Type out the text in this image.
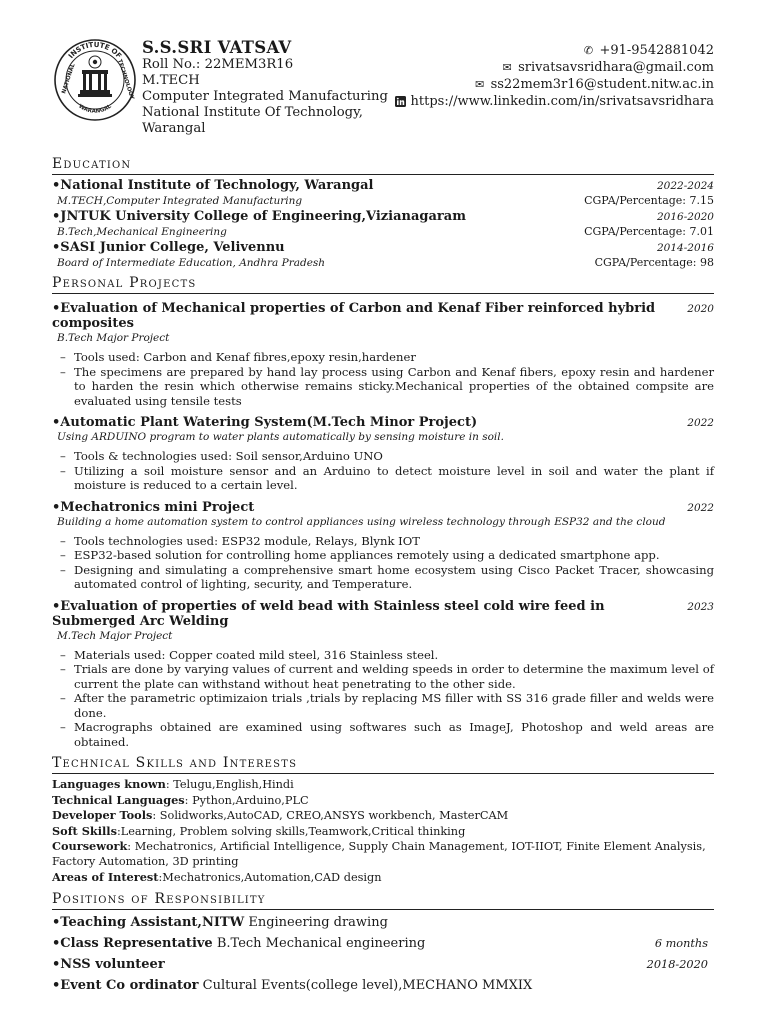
INSTITUTE OF
NATIONAL	TECHNOLOGY
WARANGAL
S.S.SRI VATSAV
Roll No.: 22MEM3R16
M.TECH
Computer Integrated Manufacturing
National Institute Of Technology,
Warangal
✆ +91-9542881042
✉ srivatsavsridhara@gmail.com
✉ ss22mem3r16@student.nitw.ac.in
https://www.linkedin.com/in/srivatsavsridhara
Education
•National Institute of Technology, Warangal	2022-2024
M.TECH,Computer Integrated Manufacturing	CGPA/Percentage: 7.15
•JNTUK University College of Engineering,Vizianagaram	2016-2020
B.Tech,Mechanical Engineering	CGPA/Percentage: 7.01
•SASI Junior College, Velivennu	2014-2016
Board of Intermediate Education, Andhra Pradesh	CGPA/Percentage: 98
Personal Projects
•Evaluation of Mechanical properties of Carbon and Kenaf Fiber reinforced hybrid composites
2020
B.Tech Major Project
– Tools used: Carbon and Kenaf fibres,epoxy resin,hardener
– The specimens are prepared by hand lay process using Carbon and Kenaf fibers, epoxy resin and hardener to harden the resin which otherwise remains sticky.Mechanical properties of the obtained compsite are evaluated using tensile tests
•Automatic Plant Watering System(M.Tech Minor Project)	2022
Using ARDUINO program to water plants automatically by sensing moisture in soil.
– Tools & technologies used: Soil sensor,Arduino UNO
– Utilizing a soil moisture sensor and an Arduino to detect moisture level in soil and water the plant if moisture is reduced to a certain level.
•Mechatronics mini Project	2022
Building a home automation system to control appliances using wireless technology through ESP32 and the cloud
– Tools technologies used: ESP32 module, Relays, Blynk IOT
– ESP32-based solution for controlling home appliances remotely using a dedicated smartphone app.
– Designing and simulating a comprehensive smart home ecosystem using Cisco Packet Tracer, showcasing automated control of lighting, security, and Temperature.
•Evaluation of properties of weld bead with Stainless steel cold wire feed in Submerged Arc Welding
2023
M.Tech Major Project
– Materials used: Copper coated mild steel, 316 Stainless steel.
– Trials are done by varying values of current and welding speeds in order to determine the maximum level of current the plate can withstand without heat penetrating to the other side.
– After the parametric optimizaion trials ,trials by replacing MS filler with SS 316 grade filler and welds were done.
– Macrographs obtained are examined using softwares such as ImageJ, Photoshop and weld areas are obtained.
Technical Skills and Interests
Languages known: Telugu,English,Hindi
Technical Languages: Python,Arduino,PLC
Developer Tools: Solidworks,AutoCAD, CREO,ANSYS workbench, MasterCAM
Soft Skills:Learning, Problem solving skills,Teamwork,Critical thinking
Coursework: Mechatronics, Artificial Intelligence, Supply Chain Management, IOT-IIOT, Finite Element Analysis, Factory Automation, 3D printing
Areas of Interest:Mechatronics,Automation,CAD design
Positions of Responsibility
•Teaching Assistant,NITW Engineering drawing
•Class Representative B.Tech Mechanical engineering	6 months
•NSS volunteer	2018-2020
•Event Co ordinator Cultural Events(college level),MECHANO MMXIX
